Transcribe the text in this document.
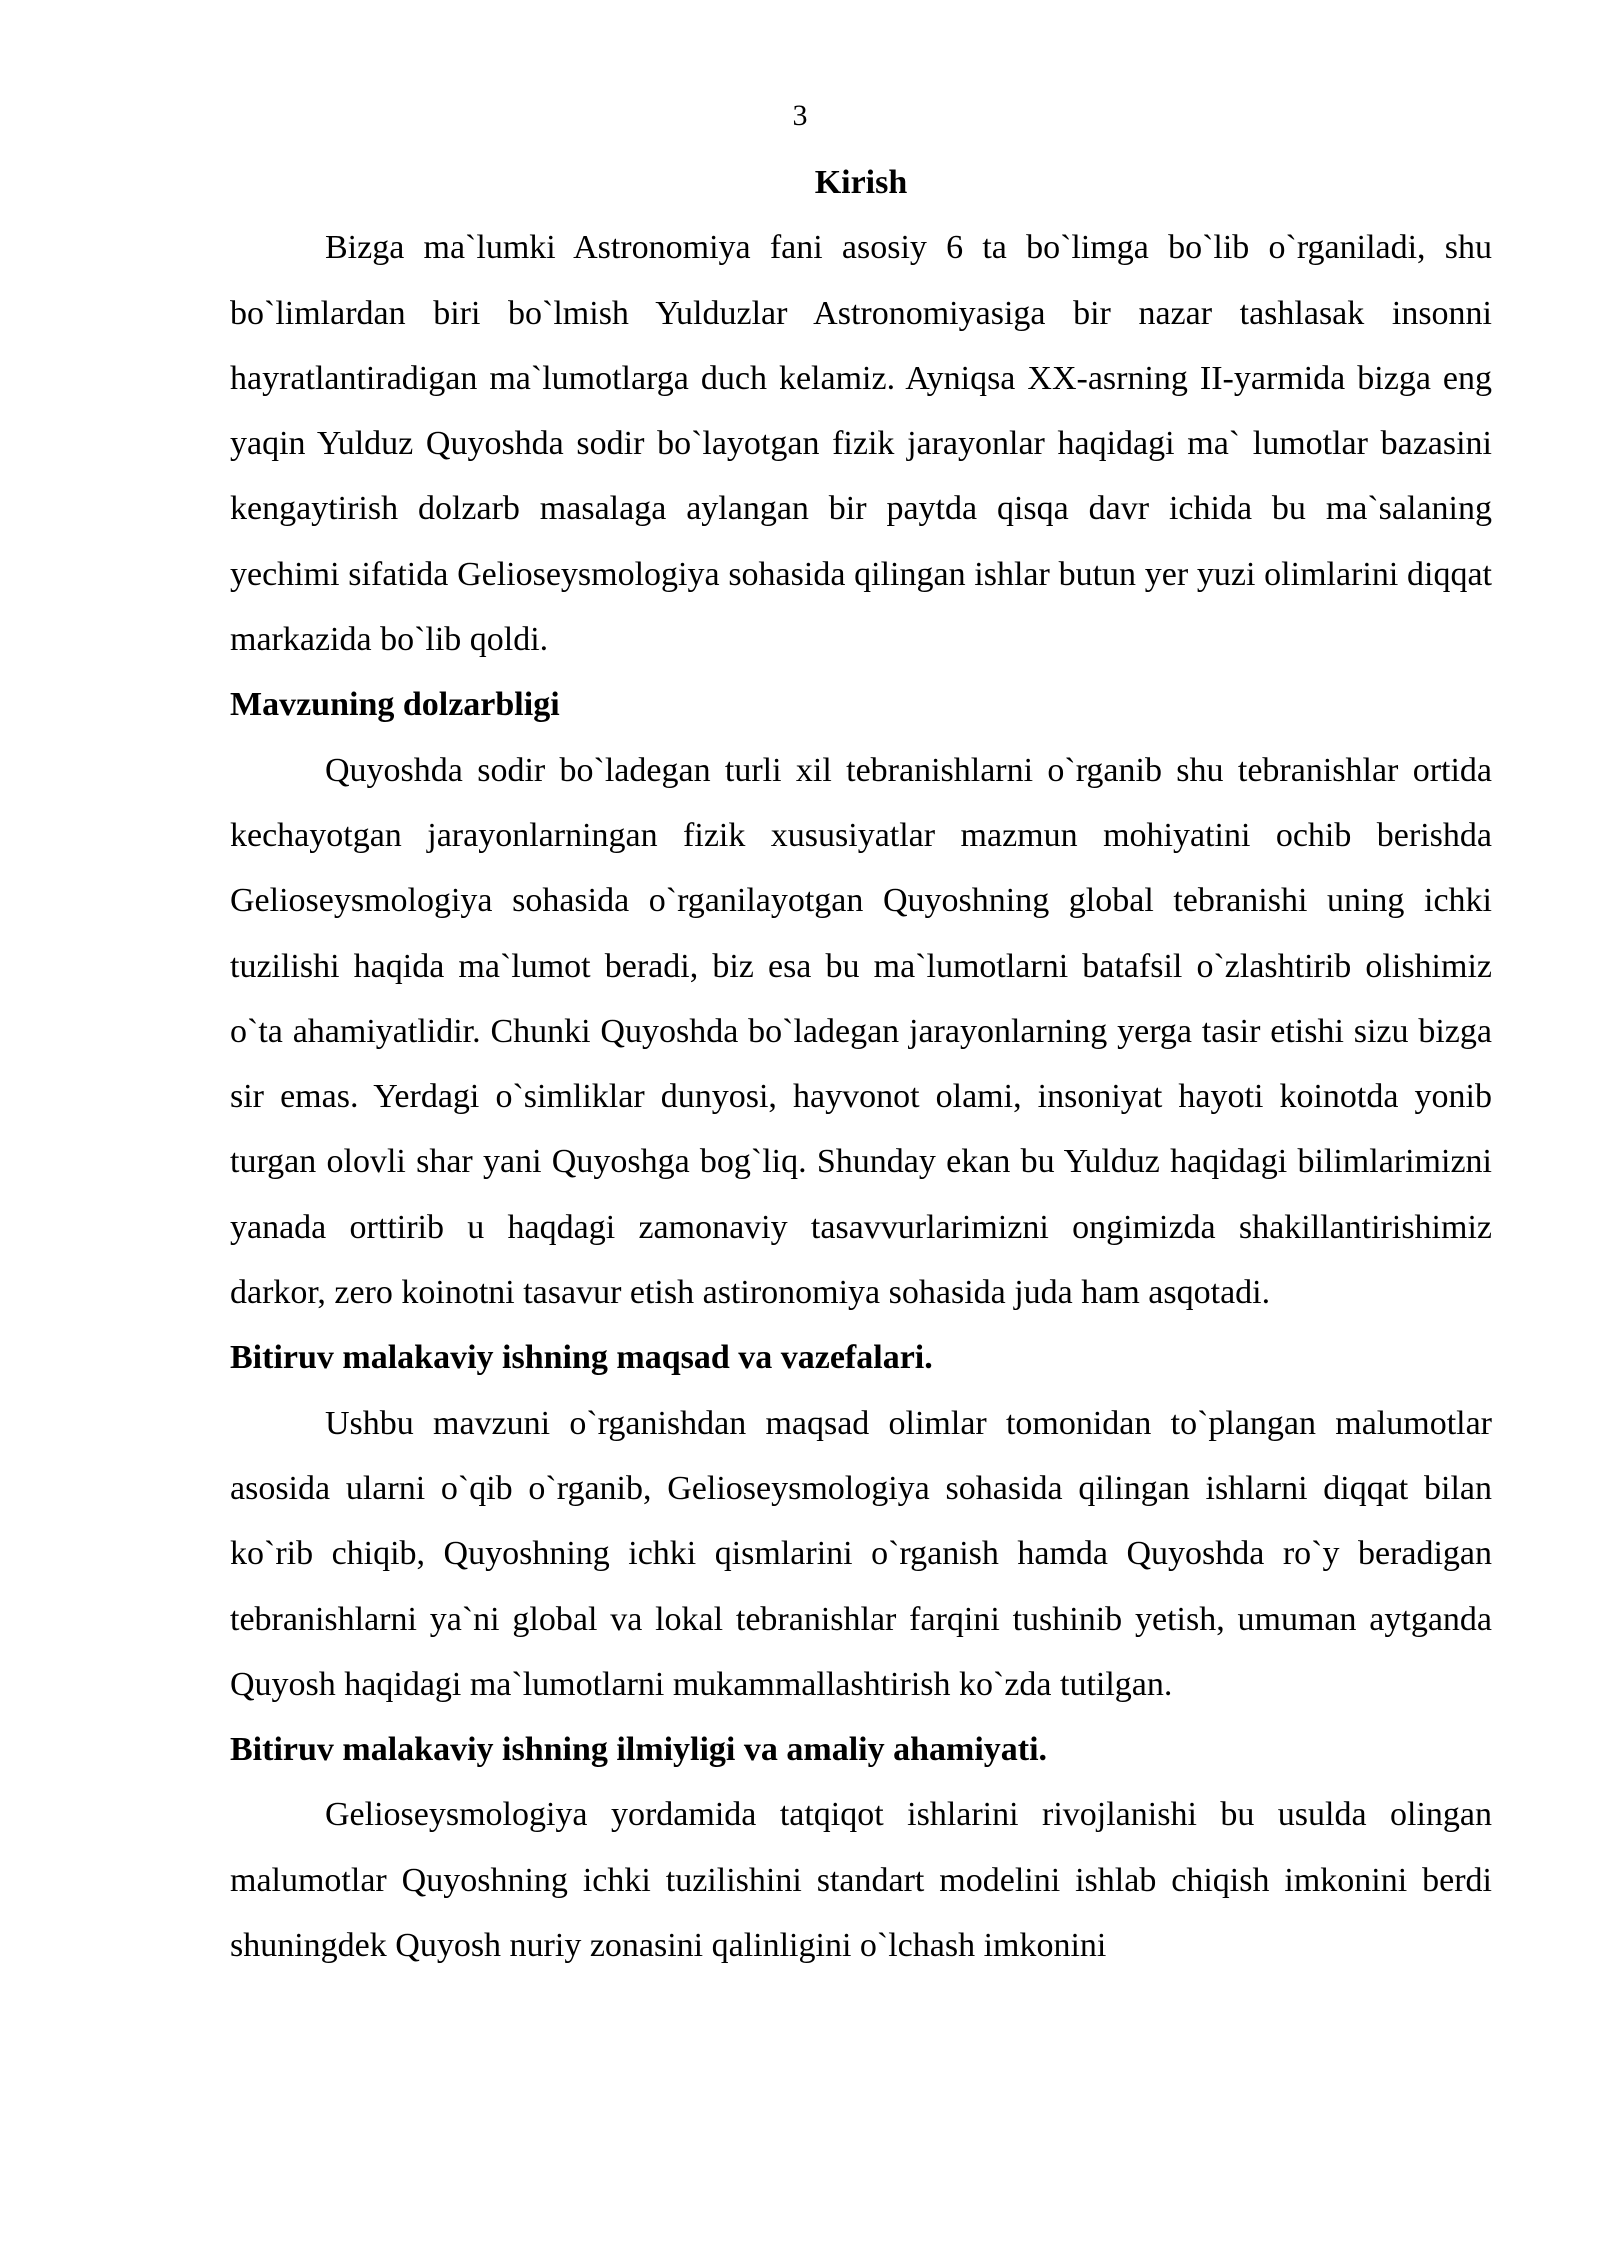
3

Kirish

Bizga ma`lumki Astronomiya fani asosiy 6 ta bo`limga bo`lib o`rganiladi, shu bo`limlardan biri bo`lmish Yulduzlar Astronomiyasiga bir nazar tashlasak insonni hayratlantiradigan ma`lumotlarga duch kelamiz. Ayniqsa XX-asrning II-yarmida bizga eng yaqin Yulduz Quyoshda sodir bo`layotgan fizik jarayonlar haqidagi ma` lumotlar bazasini kengaytirish dolzarb masalaga aylangan bir paytda qisqa davr ichida bu ma`salaning yechimi sifatida Gelioseysmologiya sohasida qilingan ishlar butun yer yuzi olimlarini diqqat markazida bo`lib qoldi.

Mavzuning dolzarbligi

Quyoshda sodir bo`ladegan turli xil tebranishlarni o`rganib shu tebranishlar ortida kechayotgan jarayonlarningan fizik xususiyatlar mazmun mohiyatini ochib berishda Gelioseysmologiya sohasida o`rganilayotgan Quyoshning global tebranishi uning ichki tuzilishi haqida ma`lumot beradi, biz esa bu ma`lumotlarni batafsil o`zlashtirib olishimiz o`ta ahamiyatlidir. Chunki Quyoshda bo`ladegan jarayonlarning yerga tasir etishi sizu bizga sir emas. Yerdagi o`simliklar dunyosi, hayvonot olami, insoniyat hayoti koinotda yonib turgan olovli shar yani Quyoshga bog`liq. Shunday ekan bu Yulduz haqidagi bilimlarimizni yanada orttirib u haqdagi zamonaviy tasavvurlarimizni ongimizda shakillantirishimiz darkor, zero koinotni tasavur etish astironomiya sohasida juda ham asqotadi.

Bitiruv malakaviy ishning maqsad va vazefalari.

Ushbu mavzuni o`rganishdan maqsad olimlar tomonidan to`plangan malumotlar asosida ularni o`qib o`rganib, Gelioseysmologiya sohasida qilingan ishlarni diqqat bilan ko`rib chiqib, Quyoshning ichki qismlarini o`rganish hamda Quyoshda ro`y beradigan tebranishlarni ya`ni global va lokal tebranishlar farqini tushinib yetish, umuman aytganda Quyosh haqidagi ma`lumotlarni mukammallashtirish ko`zda tutilgan.

Bitiruv malakaviy ishning ilmiyligi va amaliy ahamiyati.

Gelioseysmologiya yordamida tatqiqot ishlarini rivojlanishi bu usulda olingan malumotlar Quyoshning ichki tuzilishini standart modelini ishlab chiqish imkonini berdi shuningdek Quyosh nuriy zonasini qalinligini o`lchash imkonini
